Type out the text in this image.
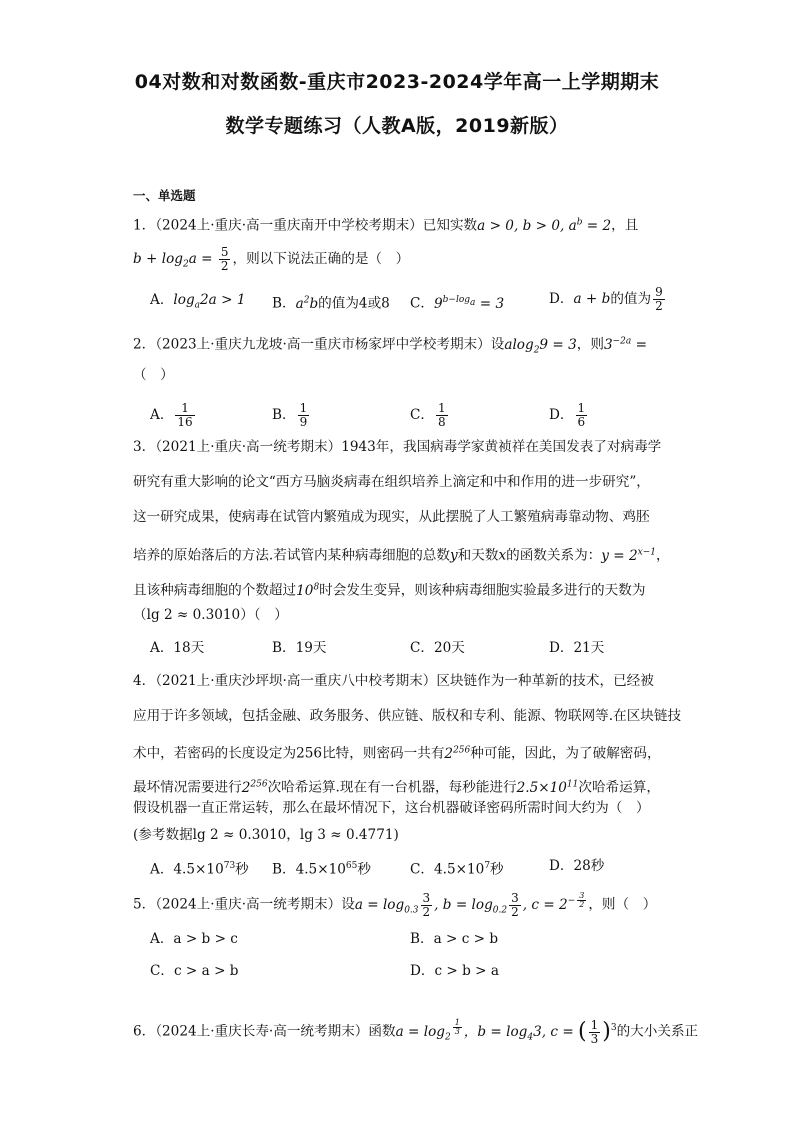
04对数和对数函数-重庆市2023-2024学年高一上学期期末
数学专题练习（人教A版，2019新版）
一、单选题
1．（2024上·重庆·高一重庆南开中学校考期末）已知实数a > 0, b > 0, $a^b = 2$，且
$b + \log_2a = \frac{5}{2}$ ，则以下说法正确的是（　）
A．$\log_a2a > 1$ B．$a^2b$的值为4或8 C．$9^{b-log_a} = 3$	D．a + b的值为 $\frac{9}{2}$
2．（2023上·重庆九龙坡·高一重庆市杨家坪中学校考期末）设alog$_2$9 = 3，则$3^{-2a}$ =
（　）
A． $\frac{1}{16}$	B． $\frac{1}{9}$	C． $\frac{1}{8}$	D． $\frac{1}{6}$
3．（2021上·重庆·高一统考期末）1943年，我国病毒学家黄祯祥在美国发表了对病毒学
研究有重大影响的论文“西方马脑炎病毒在组织培养上滴定和中和作用的进一步研究”，
这一研究成果，使病毒在试管内繁殖成为现实，从此摆脱了人工繁殖病毒靠动物、鸡胚
培养的原始落后的方法.若试管内某种病毒细胞的总数y和天数x的函数关系为：$y = 2^{x-1}$，
且该种病毒细胞的个数超过$10^8$时会发生变异，则该种病毒细胞实验最多进行的天数为
（lg 2 ≈ 0.3010）（　）
A．18天	B．19天	C．20天	D．21天
4．（2021上·重庆沙坪坝·高一重庆八中校考期末）区块链作为一种革新的技术，已经被
应用于许多领域，包括金融、政务服务、供应链、版权和专利、能源、物联网等.在区块链技
术中，若密码的长度设定为256比特，则密码一共有$2^{256}$种可能，因此，为了破解密码，
最坏情况需要进行$2^{256}$次哈希运算.现在有一台机器，每秒能进行$2.5\times 10^{11}$次哈希运算，
假设机器一直正常运转，那么在最坏情况下，这台机器破译密码所需时间大约为（　）
(参考数据lg 2 ≈ 0.3010，lg 3 ≈ 0.4771)
A．$4.5\times 10^{73}$秒 B．$4.5\times 10^{65}$秒	C．$4.5\times 10^7$秒	D．28秒
5．（2024上·重庆·高一统考期末）设$a = \log_{0.3} \frac{3}{2}$ , $b = \log_{0.2} \frac{3}{2}$ , $c = 2^{- \frac{3}{2}}$ ，则（　）
A．a > b > c	B．a > c > b
C．c > a > b	D．c > b > a
6．（2024上·重庆长寿·高一统考期末）函数$a = \log_2$
$^{\frac{1}{3}}$ ，$b = \log_43$, c = ( $\frac{1}{3} )^3$的大小关系正
